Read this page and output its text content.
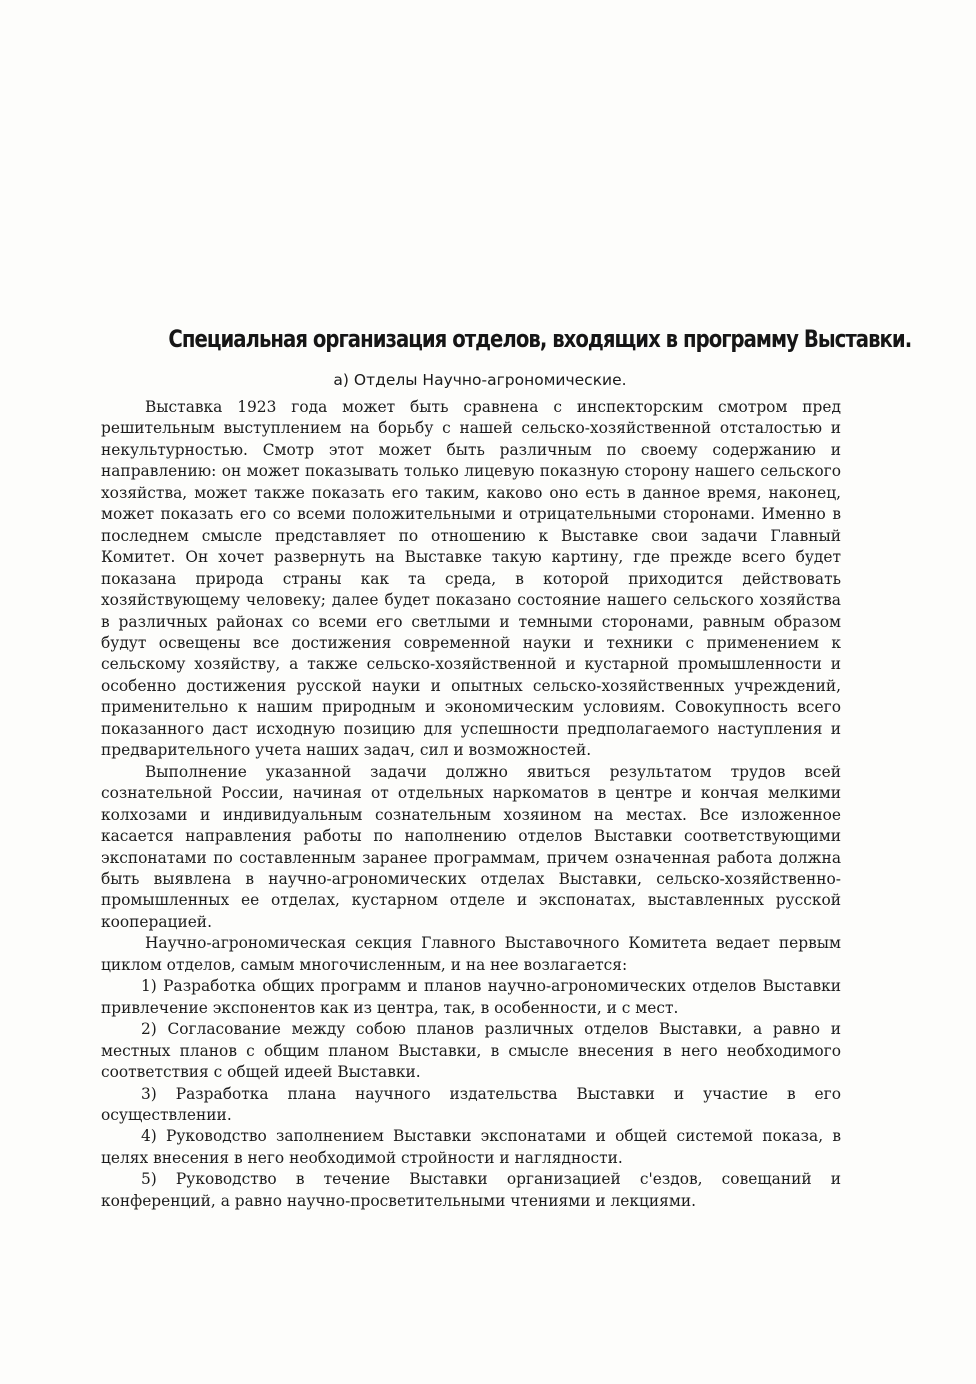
Специальная организация отделов, входящих в программу Выставки.
а) Отделы Научно-агрономические.

Выставка 1923 года может быть сравнена с инспекторским смотром пред решительным выступлением на борьбу с нашей сельско-хозяйственной отсталостью и некультурностью. Смотр этот может быть различным по своему содержанию и направлению: он может показывать только лицевую показную сторону нашего сельского хозяйства, может также показать его таким, каково оно есть в данное время, наконец, может показать его со всеми положительными и отрицательными сторонами. Именно в последнем смысле представляет по отношению к Выставке свои задачи Главный Комитет. Он хочет развернуть на Выставке такую картину, где прежде всего будет показана природа страны как та среда, в которой приходится действовать хозяйствующему человеку; далее будет показано состояние нашего сельского хозяйства в различных районах со всеми его светлыми и темными сторонами, равным образом будут освещены все достижения современной науки и техники с применением к сельскому хозяйству, а также сельско-хозяйственной и кустарной промышленности и особенно достижения русской науки и опытных сельско-хозяйственных учреждений, применительно к нашим природным и экономическим условиям. Совокупность всего показанного даст исходную позицию для успешности предполагаемого наступления и предварительного учета наших задач, сил и возможностей.

Выполнение указанной задачи должно явиться результатом трудов всей сознательной России, начиная от отдельных наркоматов в центре и кончая мелкими колхозами и индивидуальным сознательным хозяином на местах. Все изложенное касается направления работы по наполнению отделов Выставки соответствующими экспонатами по составленным заранее программам, причем означенная работа должна быть выявлена в научно-агрономических отделах Выставки, сельско-хозяйственно-промышленных ее отделах, кустарном отделе и экспонатах, выставленных русской кооперацией.

Научно-агрономическая секция Главного Выставочного Комитета ведает первым циклом отделов, самым многочисленным, и на нее возлагается:

1) Разработка общих программ и планов научно-агрономических отделов Выставки привлечение экспонентов как из центра, так, в особенности, и с мест.

2) Согласование между собою планов различных отделов Выставки, а равно и местных планов с общим планом Выставки, в смысле внесения в него необходимого соответствия с общей идеей Выставки.

3) Разработка плана научного издательства Выставки и участие в его осуществлении.

4) Руководство заполнением Выставки экспонатами и общей системой показа, в целях внесения в него необходимой стройности и наглядности.

5) Руководство в течение Выставки организацией с'ездов, совещаний и конференций, а равно научно-просветительными чтениями и лекциями.
